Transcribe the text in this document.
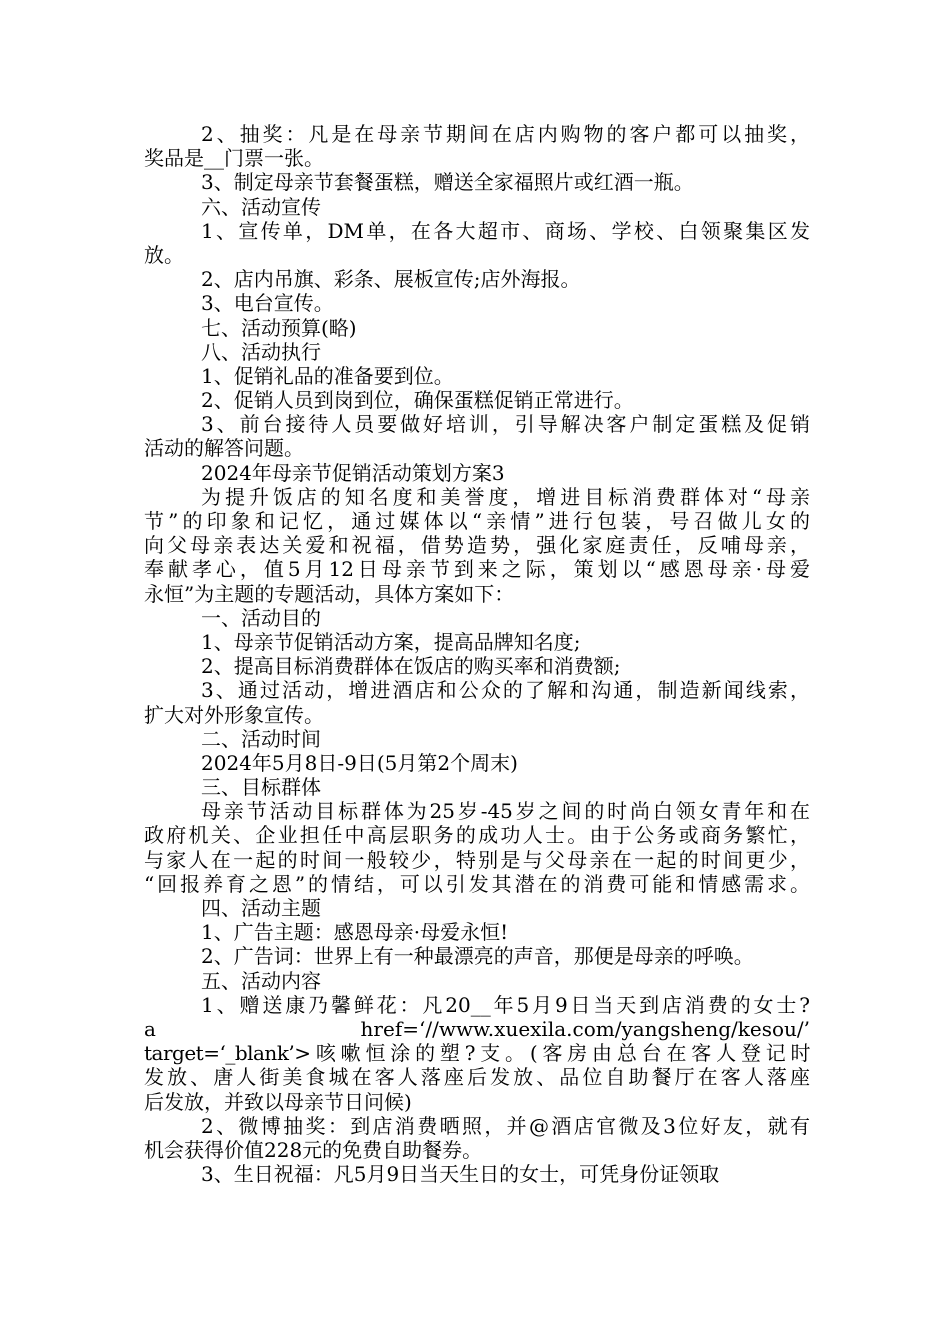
2、抽奖：凡是在母亲节期间在店内购物的客户都可以抽奖，
奖品是__门票一张。
3、制定母亲节套餐蛋糕，赠送全家福照片或红酒一瓶。
六、活动宣传
1、宣传单，DM单，在各大超市、商场、学校、白领聚集区发
放。
2、店内吊旗、彩条、展板宣传;店外海报。
3、电台宣传。
七、活动预算(略)
八、活动执行
1、促销礼品的准备要到位。
2、促销人员到岗到位，确保蛋糕促销正常进行。
3、前台接待人员要做好培训，引导解决客户制定蛋糕及促销
活动的解答问题。
2024年母亲节促销活动策划方案3
为提升饭店的知名度和美誉度，增进目标消费群体对“母亲
节”的印象和记忆，通过媒体以“亲情”进行包装，号召做儿女的
向父母亲表达关爱和祝福，借势造势，强化家庭责任，反哺母亲，
奉献孝心，值5月12日母亲节到来之际，策划以“感恩母亲·母爱
永恒”为主题的专题活动，具体方案如下：
一、活动目的
1、母亲节促销活动方案，提高品牌知名度;
2、提高目标消费群体在饭店的购买率和消费额;
3、通过活动，增进酒店和公众的了解和沟通，制造新闻线索，
扩大对外形象宣传。
二、活动时间
2024年5月8日-9日(5月第2个周末)
三、目标群体
母亲节活动目标群体为25岁-45岁之间的时尚白领女青年和在
政府机关、企业担任中高层职务的成功人士。由于公务或商务繁忙，
与家人在一起的时间一般较少，特别是与父母亲在一起的时间更少，
“回报养育之恩”的情结，可以引发其潜在的消费可能和情感需求。
四、活动主题
1、广告主题：感恩母亲·母爱永恒!
2、广告词：世界上有一种最漂亮的声音，那便是母亲的呼唤。
五、活动内容
1、赠送康乃馨鲜花：凡20__年5月9日当天到店消费的女士?
a href=‘//www.xuexila.com/yangsheng/kesou/’
target=‘_blank’>咳嗽恒涂的塑?支。(客房由总台在客人登记时
发放、唐人街美食城在客人落座后发放、品位自助餐厅在客人落座
后发放，并致以母亲节日问候)
2、微博抽奖：到店消费晒照，并@酒店官微及3位好友，就有
机会获得价值228元的免费自助餐券。
3、生日祝福：凡5月9日当天生日的女士，可凭身份证领取
